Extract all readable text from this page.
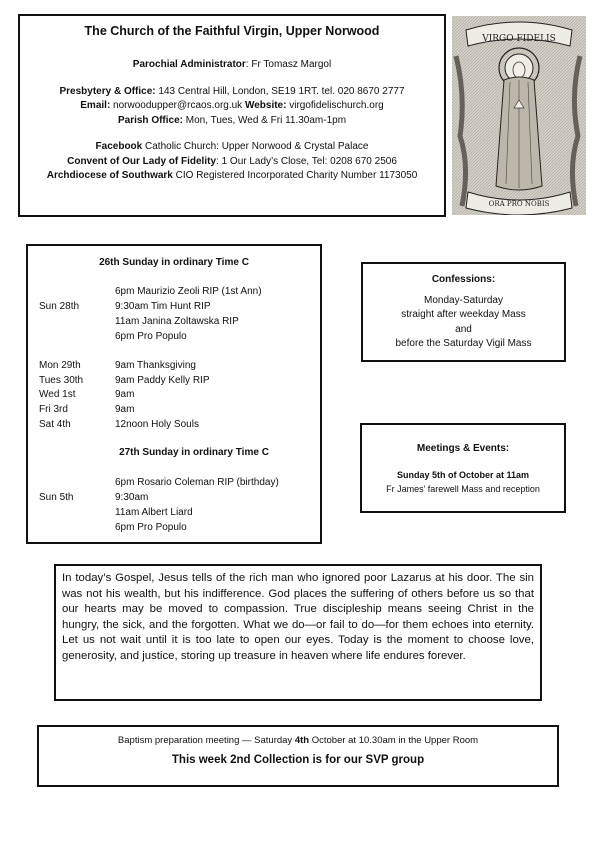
The Church of the Faithful Virgin, Upper Norwood
Parochial Administrator: Fr Tomasz Margol
Presbytery & Office: 143 Central Hill, London, SE19 1RT. tel. 020 8670 2777
Email: norwoodupper@rcaos.org.uk Website: virgofidelischurch.org
Parish Office: Mon, Tues, Wed & Fri 11.30am-1pm
Facebook Catholic Church: Upper Norwood & Crystal Palace
Convent of Our Lady of Fidelity: 1 Our Lady’s Close, Tel: 0208 670 2506
Archdiocese of Southwark CIO Registered Incorporated Charity Number 1173050
VIRGO FIDELIS
ORA PRO NOBIS
26th Sunday in ordinary Time C
6pm Maurizio Zeoli RIP (1st Ann)
Sun 28th	9:30am Tim Hunt RIP
11am Janina Zoltawska RIP
6pm Pro Populo
Mon 29th	9am Thanksgiving
Tues 30th	9am Paddy Kelly RIP
Wed 1st	9am
Fri 3rd	9am
Sat 4th	12noon Holy Souls
27th Sunday in ordinary Time C
6pm Rosario Coleman RIP (birthday)
Sun 5th	9:30am
11am Albert Liard
6pm Pro Populo
Confessions:
Monday-Saturday
straight after weekday Mass
and
before the Saturday Vigil Mass
Meetings & Events:
Sunday 5th of October at 11am
Fr James’ farewell Mass and reception
In today’s Gospel, Jesus tells of the rich man who ignored poor Lazarus at his door. The sin was not his wealth, but his indifference. God places the suffering of others before us so that our hearts may be moved to compassion. True discipleship means seeing Christ in the hungry, the sick, and the forgotten. What we do—or fail to do—for them echoes into eternity. Let us not wait until it is too late to open our eyes. Today is the moment to choose love, generosity, and justice, storing up treasure in heaven where life endures forever.
Baptism preparation meeting — Saturday 4th October at 10.30am in the Upper Room
This week 2nd Collection is for our SVP group
